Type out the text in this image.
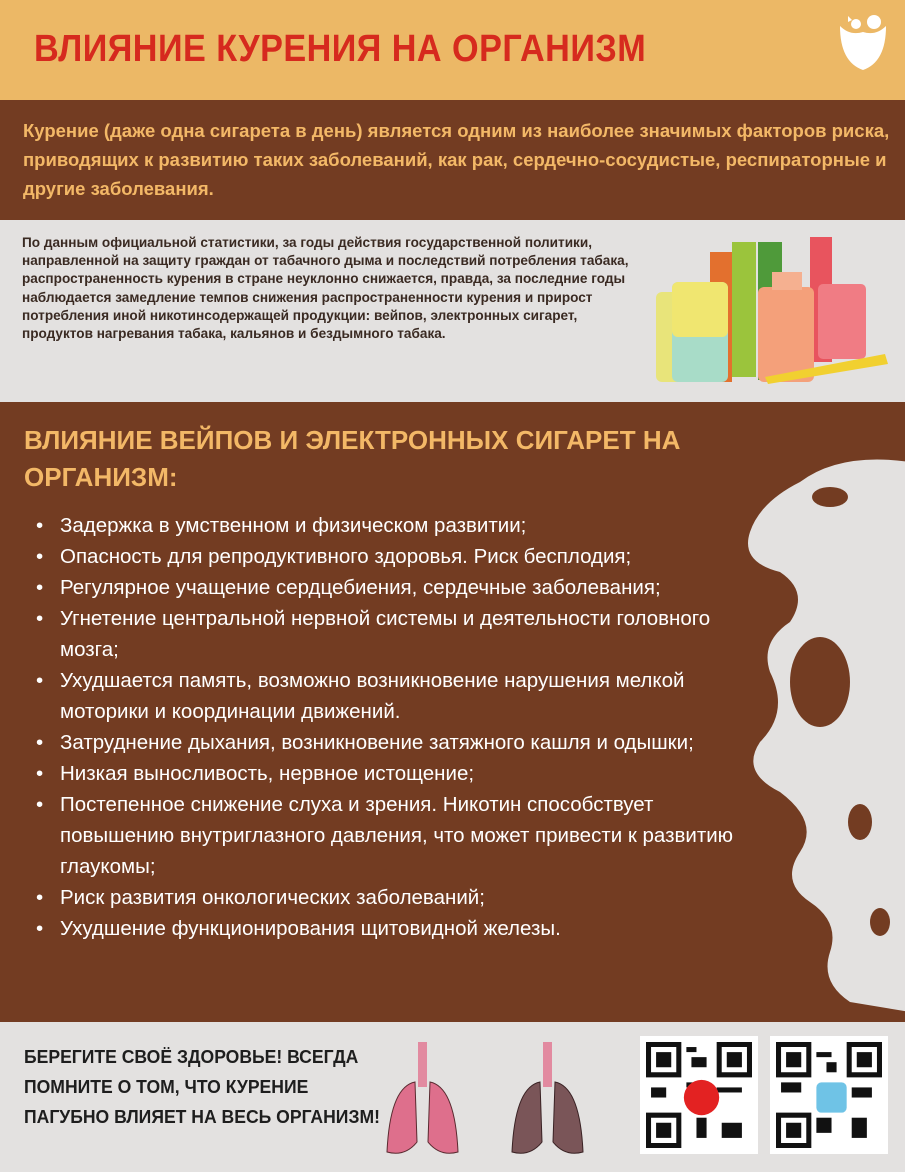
ВЛИЯНИЕ КУРЕНИЯ НА ОРГАНИЗМ

Курение (даже одна сигарета в день) является одним из наиболее значимых факторов риска, приводящих к развитию таких заболеваний, как рак, сердечно-сосудистые, респираторные и другие заболевания.

По данным официальной статистики, за годы действия государственной политики, направленной на защиту граждан от табачного дыма и последствий потребления табака, распространенность курения в стране неуклонно снижается, правда, за последние годы наблюдается замедление темпов снижения распространенности курения и прирост потребления иной никотинсодержащей продукции: вейпов, электронных сигарет, продуктов нагревания табака, кальянов и бездымного табака.

ВЛИЯНИЕ ВЕЙПОВ И ЭЛЕКТРОННЫХ СИГАРЕТ НА ОРГАНИЗМ:
• Задержка в умственном и физическом развитии;
• Опасность для репродуктивного здоровья. Риск бесплодия;
• Регулярное учащение сердцебиения, сердечные заболевания;
• Угнетение центральной нервной системы и деятельности головного мозга;
• Ухудшается память, возможно возникновение нарушения мелкой моторики и координации движений.
• Затруднение дыхания, возникновение затяжного кашля и одышки;
• Низкая выносливость, нервное истощение;
• Постепенное снижение слуха и зрения. Никотин способствует повышению внутриглазного давления, что может привести к развитию глаукомы;
• Риск развития онкологических заболеваний;
• Ухудшение функционирования щитовидной железы.

БЕРЕГИТЕ СВОЁ ЗДОРОВЬЕ! ВСЕГДА ПОМНИТЕ О ТОМ, ЧТО КУРЕНИЕ ПАГУБНО ВЛИЯЕТ НА ВЕСЬ ОРГАНИЗМ!
